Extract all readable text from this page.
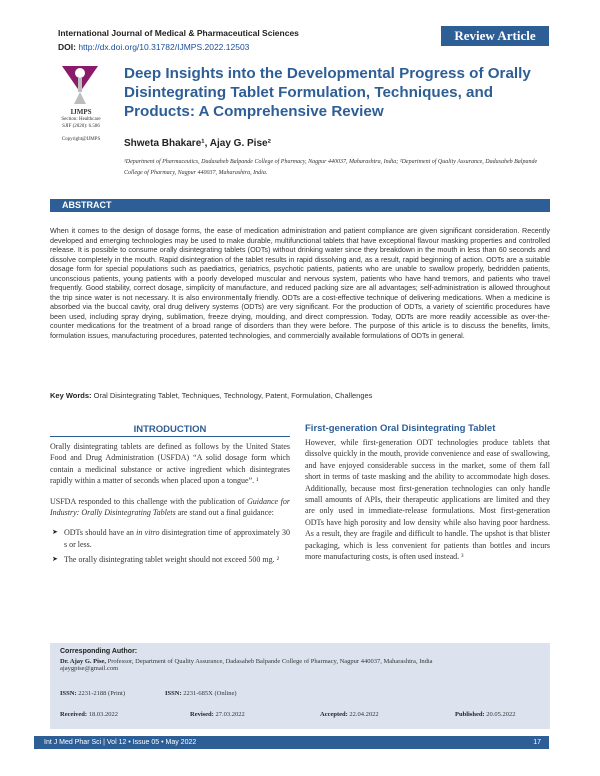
International Journal of Medical & Pharmaceutical Sciences
DOI: http://dx.doi.org/10.31782/IJMPS.2022.12503
Review Article
IJMPS
Section: Healthcare
SJIF (2020): 6.586
Copyright@IJMPS
Deep Insights into the Developmental Progress of Orally Disintegrating Tablet Formulation, Techniques, and Products: A Comprehensive Review
Shweta Bhakare¹, Ajay G. Pise²
¹Department of Pharmaceutics, Dadasaheb Balpande College of Pharmacy, Nagpur 440037, Maharashtra, India; ²Department of Quality Assurance, Dadasaheb Balpande College of Pharmacy, Nagpur 440037, Maharashtra, India.
ABSTRACT
When it comes to the design of dosage forms, the ease of medication administration and patient compliance are given significant consideration. Recently developed and emerging technologies may be used to make durable, multifunctional tablets that have exceptional flavour masking properties and controlled release. It is possible to consume orally disintegrating tablets (ODTs) without drinking water since they breakdown in the mouth in less than 60 seconds and dissolve completely in the mouth. Rapid disintegration of the tablet results in rapid dissolving and, as a result, rapid beginning of action. ODTs are a suitable dosage form for special populations such as paediatrics, geriatrics, psychotic patients, patients who are unable to swallow properly, bedridden patients, unconscious patients, young patients with a poorly developed muscular and nervous system, patients who have hand tremors, and patients who travel frequently. Good stability, correct dosage, simplicity of manufacture, and reduced packing size are all advantages; self-administration is allowed throughout the trip since water is not necessary. It is also environmentally friendly. ODTs are a cost-effective technique of delivering medications. When a medicine is absorbed via the buccal cavity, oral drug delivery systems (ODTs) are very significant. For the production of ODTs, a variety of scientific procedures have been used, including spray drying, sublimation, freeze drying, moulding, and direct compression. Today, ODTs are more readily accessible as over-the-counter medications for the treatment of a broad range of disorders than they were before. The purpose of this article is to discuss the benefits, limits, formulation issues, manufacturing procedures, patented technologies, and commercially available formulations of ODTs in general.
Key Words: Oral Disintegrating Tablet, Techniques, Technology, Patent, Formulation, Challenges
INTRODUCTION

Orally disintegrating tablets are defined as follows by the United States Food and Drug Administration (USFDA) “A solid dosage form which contain a medicinal substance or active ingredient which disintegrates rapidly within a matter of seconds when placed upon a tongue”. ¹

USFDA responded to this challenge with the publication of Guidance for Industry: Orally Disintegrating Tablets are stand out a final guidance:

➤ ODTs should have an in vitro disintegration time of approximately 30 s or less.
➤ The orally disintegrating tablet weight should not exceed 500 mg. ²
First-generation Oral Disintegrating Tablet
However, while first-generation ODT technologies produce tablets that dissolve quickly in the mouth, provide convenience and ease of swallowing, and have enjoyed considerable success in the market, some of them fall short in terms of taste masking and the ability to accommodate high doses. Additionally, because most first-generation technologies can only handle small amounts of APIs, their therapeutic applications are limited and they are only used in immediate-release formulations. Most first-generation ODTs have high porosity and low density while also having poor hardness. As a result, they are fragile and difficult to handle. The upshot is that blister packaging, which is less convenient for patients than bottles and incurs more manufacturing costs, is often used instead. ³
Corresponding Author:
Dr. Ajay G. Pise, Professor, Department of Quality Assurance, Dadasaheb Balpande College of Pharmacy, Nagpur 440037, Maharashtra, India
ajaygpise@gmail.com
ISSN: 2231-2188 (Print)	ISSN: 2231-685X (Online)
Received: 18.03.2022	Revised: 27.03.2022	Accepted: 22.04.2022	Published: 20.05.2022
Int J Med Phar Sci | Vol 12 • Issue 05 • May 2022	17
